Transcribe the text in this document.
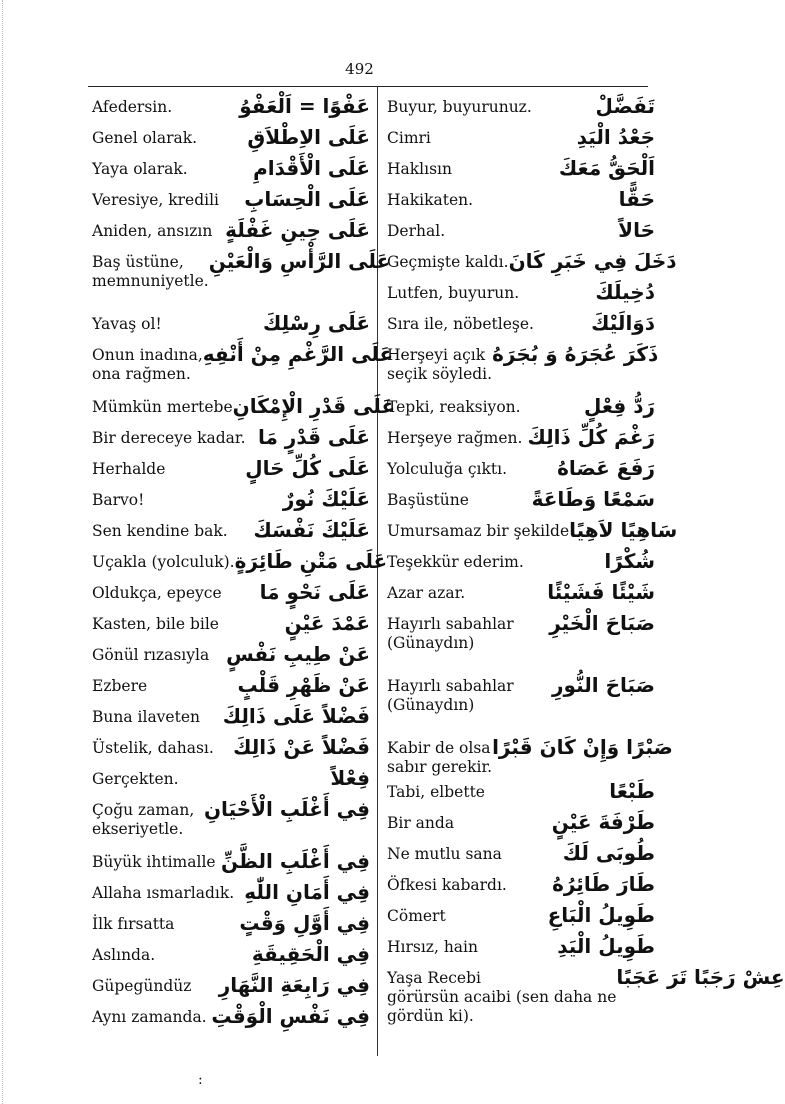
492
Afedersin.	عَفْوًا = اَلْعَفْوُ
Genel olarak.	عَلَى الاِطْلاَقِ
Yaya olarak.	عَلَى الْأَقْدَامِ
Veresiye, kredili عَلَى الْحِسَابِ
Aniden, ansızın عَلَى حِينِ غَفْلَةٍ
Baş üstüne,
memnuniyetle.
عَلَى الرَّأْسِ وَالْعَيْنِ
Yavaş ol!	عَلَى رِسْلِكَ
Onun inadına,
ona rağmen.
عَلَى الرَّغْمِ مِنْ أَنْفِهِ
Mümkün mertebe عَلَى قَدْرِ الْإِمْكَانِ
Bir dereceye kadar. عَلَى قَدْرٍ مَا
Herhalde	عَلَى كُلِّ حَالٍ
Barvo!	عَلَيْكَ نُورٌ
Sen kendine bak. عَلَيْكَ نَفْسَكَ
Uçakla (yolculuk). عَلَى مَتْنِ طَائِرَةٍ
Oldukça, epeyce عَلَى نَحْوٍ مَا
Kasten, bile bile	عَمْدَ عَيْنٍ
Gönül rızasıyla عَنْ طِيبِ نَفْسٍ
Ezbere	عَنْ ظَهْرِ قَلْبٍ
Buna ilaveten فَضْلاً عَلَى ذَالِكَ
Üstelik, dahası. فَضْلاً عَنْ ذَالِكَ
Gerçekten.	فِعْلاً
Çoğu zaman,
ekseriyetle.
فِي أَغْلَبِ الْأَحْيَانِ
Büyük ihtimalle فِي أَغْلَبِ الظَّنِّ
Allaha ısmarladık. فِي أَمَانِ اللّٰهِ
İlk fırsatta	فِي أَوَّلِ وَقْتٍ
Aslında.	فِي الْحَقِيقَةِ
Güpegündüz فِي رَابِعَةِ النَّهَارِ
Aynı zamanda. فِي نَفْسِ الْوَقْتِ
Buyur, buyurunuz.	تَفَضَّلْ
Cimri	جَعْدُ الْيَدِ
Haklısın	اَلْحَقُّ مَعَكَ
Hakikaten.	حَقًّا
Derhal.	حَالاً
Geçmişte kaldı. دَخَلَ فِي خَبَرِ كَانَ
Lutfen, buyurun.	دُخِيلَكَ
Sıra ile, nöbetleşe.	دَوَالَيْكَ
Herşeyi açık
seçik söyledi.
ذَكَرَ عُجَرَهُ وَ بُجَرَهُ
Tepki, reaksiyon.	رَدُّ فِعْلٍ
Herşeye rağmen. رَغْمَ كُلِّ ذَالِكَ
Yolculuğa çıktı.	رَفَعَ عَصَاهُ
Başüstüne	سَمْعًا وَطَاعَةً
Umursamaz bir şekilde سَاهِيًا لاَهِيًا
Teşekkür ederim.	شُكْرًا
Azar azar.	شَيْئًا فَشَيْئًا
Hayırlı sabahlar
(Günaydın)
صَبَاحَ الْخَيْرِ
Hayırlı sabahlar
(Günaydın)
صَبَاحَ النُّورِ
Kabir de olsa
sabır gerekir.
صَبْرًا وَإِنْ كَانَ قَبْرًا
Tabi, elbette	طَبْعًا
Bir anda	طَرْفَةَ عَيْنٍ
Ne mutlu sana	طُوبَى لَكَ
Öfkesi kabardı. طَارَ طَائِرُهُ
Cömert	طَوِيلُ الْبَاعِ
Hırsız, hain	طَوِيلُ الْيَدِ
Yaşa Recebi
görürsün acaibi (sen daha ne
gördün ki).
عِشْ رَجَبًا تَرَ عَجَبًا
:
